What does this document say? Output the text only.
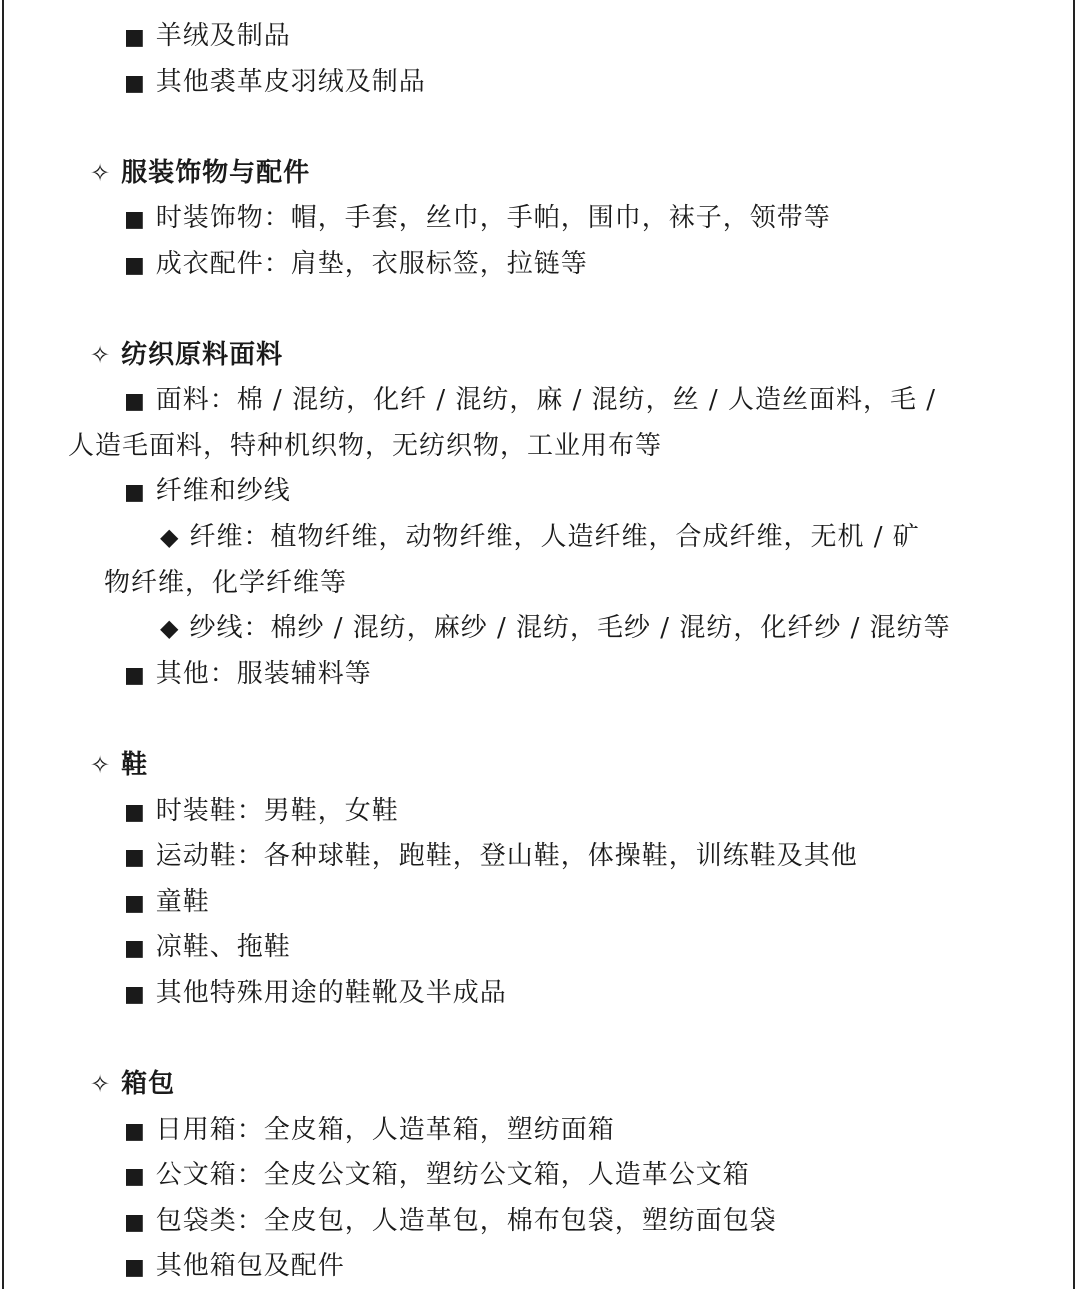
■ 羊绒及制品
■ 其他裘革皮羽绒及制品
✧ 服装饰物与配件
■ 时装饰物：帽，手套，丝巾，手帕，围巾，袜子，领带等
■ 成衣配件：肩垫，衣服标签，拉链等
✧ 纺织原料面料
■ 面料：棉 / 混纺，化纤 / 混纺，麻 / 混纺，丝 / 人造丝面料，毛 /
人造毛面料，特种机织物，无纺织物，工业用布等
■ 纤维和纱线
◆ 纤维：植物纤维，动物纤维，人造纤维，合成纤维，无机 / 矿
物纤维，化学纤维等
◆ 纱线：棉纱 / 混纺，麻纱 / 混纺，毛纱 / 混纺，化纤纱 / 混纺等
■ 其他：服装辅料等
✧ 鞋
■ 时装鞋：男鞋，女鞋
■ 运动鞋：各种球鞋，跑鞋，登山鞋，体操鞋，训练鞋及其他
■ 童鞋
■ 凉鞋、拖鞋
■ 其他特殊用途的鞋靴及半成品
✧ 箱包
■ 日用箱：全皮箱，人造革箱，塑纺面箱
■ 公文箱：全皮公文箱，塑纺公文箱，人造革公文箱
■ 包袋类：全皮包，人造革包，棉布包袋，塑纺面包袋
■ 其他箱包及配件
